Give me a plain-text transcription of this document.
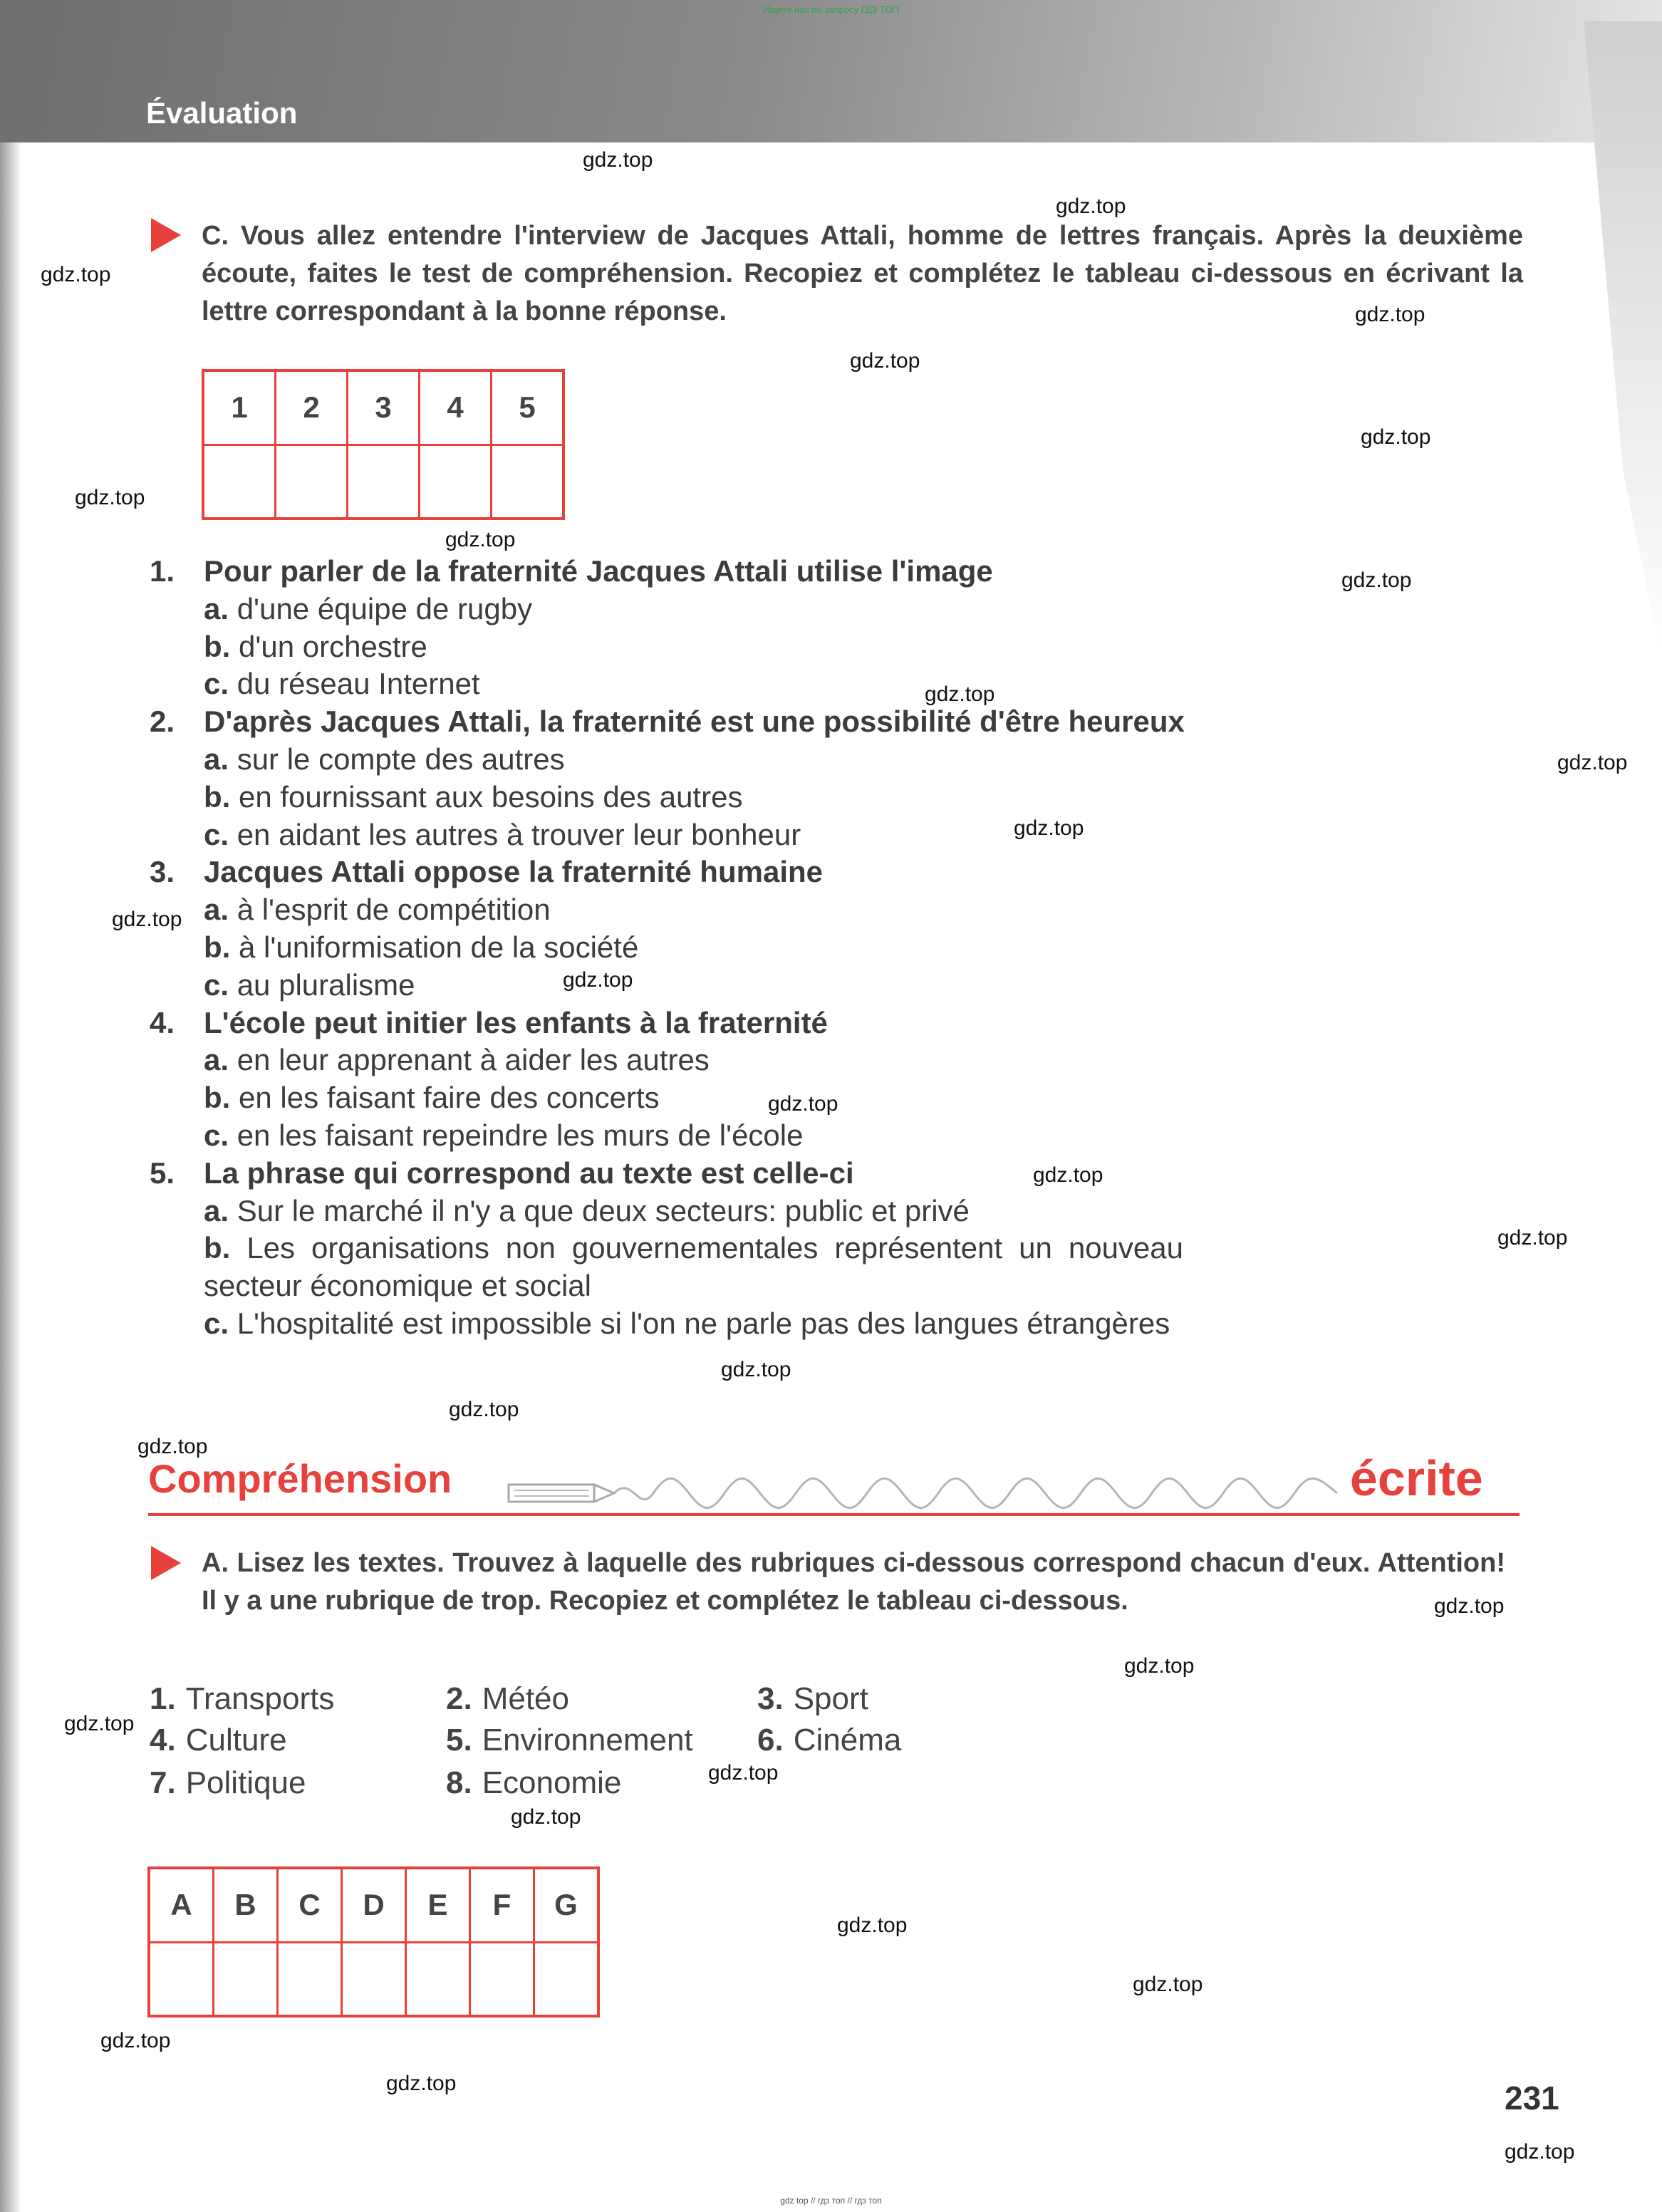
Ищите нас по запросу ГДЗ ТОП
Évaluation
C. Vous allez entendre l'interview de Jacques Attali, homme de lettres français. Après la deuxième écoute, faites le test de compréhension. Recopiez et complétez le tableau ci-dessous en écrivant la lettre correspondant à la bonne réponse.
1	2	3	4	5

1. Pour parler de la fraternité Jacques Attali utilise l'image
a. d'une équipe de rugby
b. d'un orchestre
c. du réseau Internet
2. D'après Jacques Attali, la fraternité est une possibilité d'être heureux
a. sur le compte des autres
b. en fournissant aux besoins des autres
c. en aidant les autres à trouver leur bonheur
3. Jacques Attali oppose la fraternité humaine
a. à l'esprit de compétition
b. à l'uniformisation de la société
c. au pluralisme
4. L'école peut initier les enfants à la fraternité
a. en leur apprenant à aider les autres
b. en les faisant faire des concerts
c. en les faisant repeindre les murs de l'école
5. La phrase qui correspond au texte est celle-ci
a. Sur le marché il n'y a que deux secteurs: public et privé
b. Les organisations non gouvernementales représentent un nouveau secteur économique et social
c. L'hospitalité est impossible si l'on ne parle pas des langues étrangères
Compréhension	écrite
A. Lisez les textes. Trouvez à laquelle des rubriques ci-dessous correspond chacun d'eux. Attention! Il y a une rubrique de trop. Recopiez et complétez le tableau ci-dessous.
1. Transports	2. Météo	3. Sport
4. Culture	5. Environnement 6. Cinéma
7. Politique	8. Economie
A	B	C	D	E	F	G

231
gdz top // гдз топ // гдз топ
gdz.top
gdz.top
gdz.top
gdz.top
gdz.top
gdz.top
gdz.top
gdz.top
gdz.top
gdz.top
gdz.top
gdz.top
gdz.top
gdz.top
gdz.top
gdz.top
gdz.top
gdz.top
gdz.top
gdz.top
gdz.top
gdz.top
gdz.top
gdz.top
gdz.top
gdz.top
gdz.top
gdz.top
gdz.top
gdz.top
